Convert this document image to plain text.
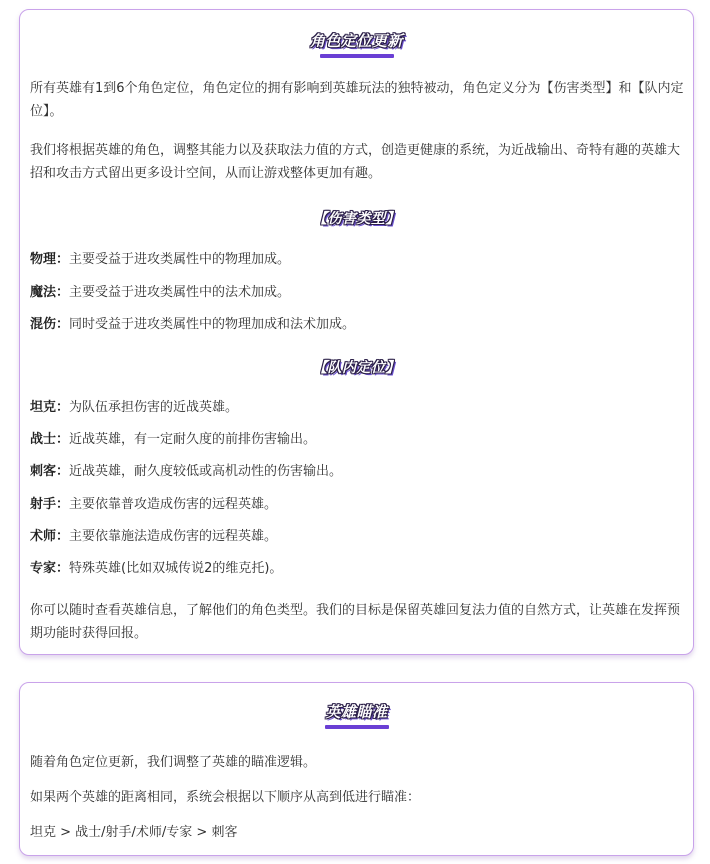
角色定位更新
所有英雄有1到6个角色定位，角色定位的拥有影响到英雄玩法的独特被动，角色定义分为【伤害类型】和【队内定位】。
我们将根据英雄的角色，调整其能力以及获取法力值的方式，创造更健康的系统，为近战输出、奇特有趣的英雄大招和攻击方式留出更多设计空间，从而让游戏整体更加有趣。
【伤害类型】
物理：主要受益于进攻类属性中的物理加成。
魔法：主要受益于进攻类属性中的法术加成。
混伤：同时受益于进攻类属性中的物理加成和法术加成。
【队内定位】
坦克：为队伍承担伤害的近战英雄。
战士：近战英雄，有一定耐久度的前排伤害输出。
刺客：近战英雄，耐久度较低或高机动性的伤害输出。
射手：主要依靠普攻造成伤害的远程英雄。
术师：主要依靠施法造成伤害的远程英雄。
专家：特殊英雄(比如双城传说2的维克托)。
你可以随时查看英雄信息，了解他们的角色类型。我们的目标是保留英雄回复法力值的自然方式，让英雄在发挥预期功能时获得回报。
英雄瞄准
随着角色定位更新，我们调整了英雄的瞄准逻辑。
如果两个英雄的距离相同，系统会根据以下顺序从高到低进行瞄准：
坦克 > 战士/射手/术师/专家 > 刺客
